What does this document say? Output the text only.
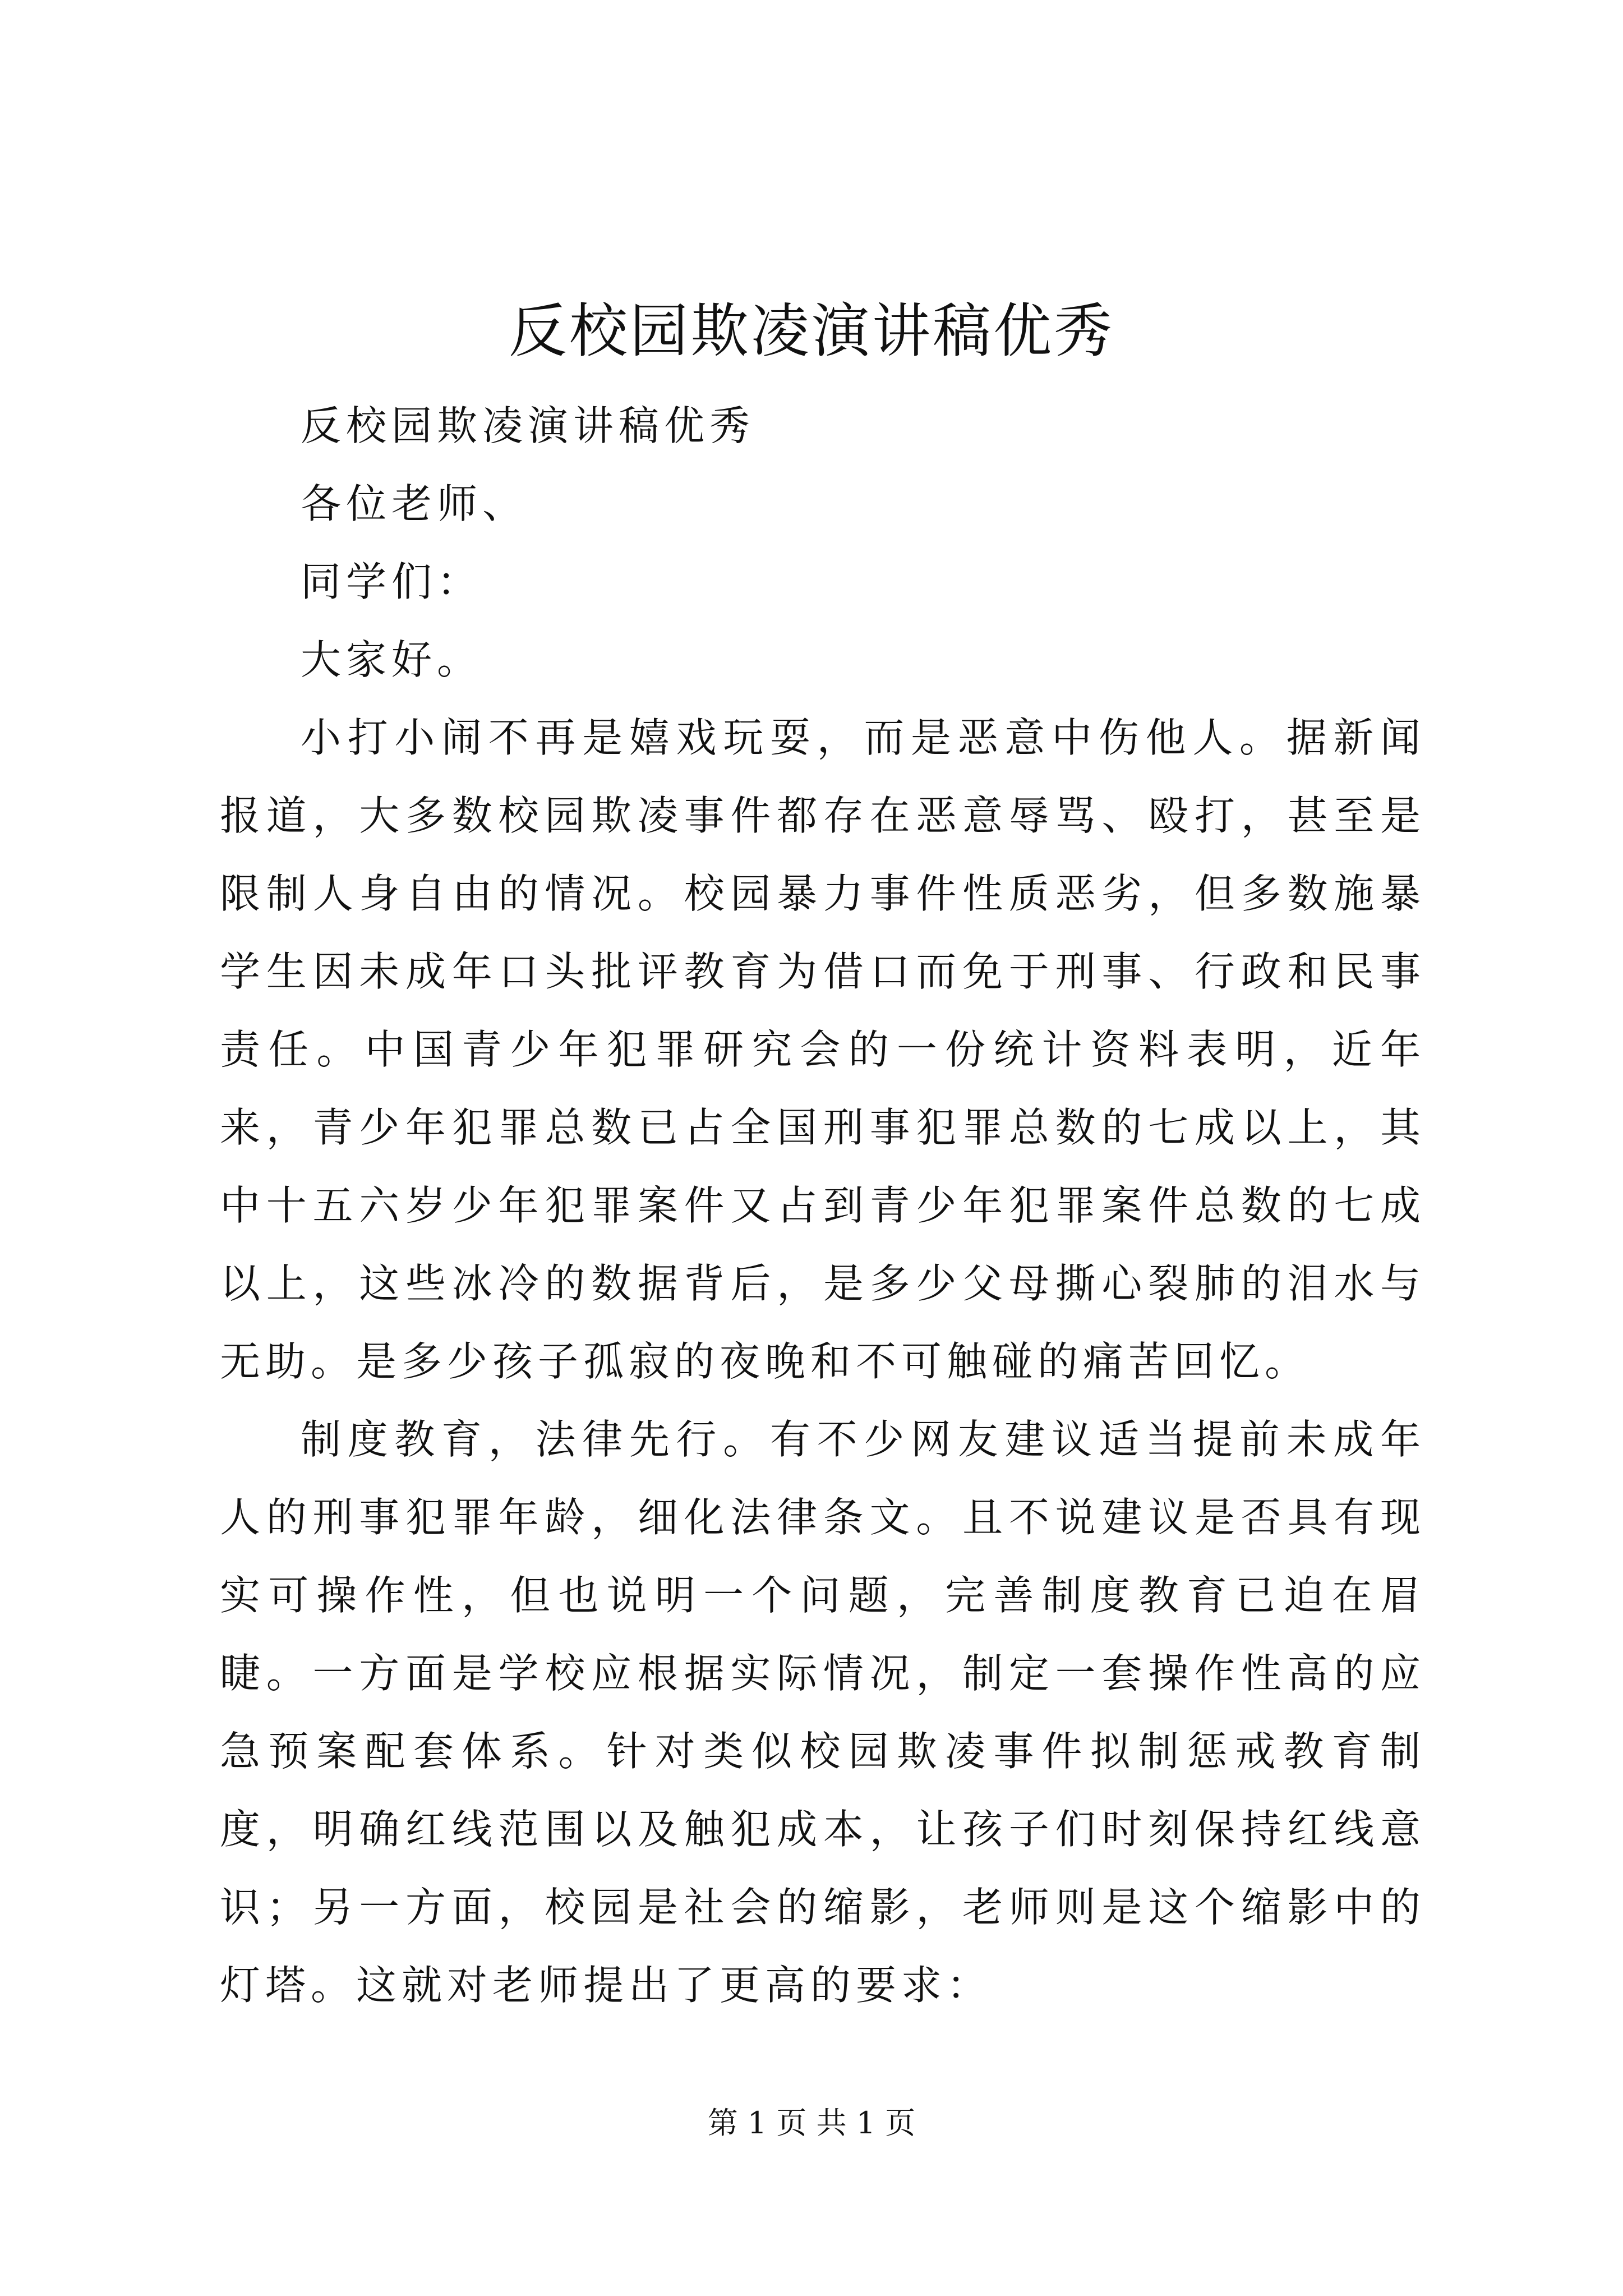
反校园欺凌演讲稿优秀

反校园欺凌演讲稿优秀

各位老师、

同学们：

大家好。

小打小闹不再是嬉戏玩耍，而是恶意中伤他人。据新闻报道，大多数校园欺凌事件都存在恶意辱骂、殴打，甚至是限制人身自由的情况。校园暴力事件性质恶劣，但多数施暴学生因未成年口头批评教育为借口而免于刑事、行政和民事责任。中国青少年犯罪研究会的一份统计资料表明，近年来，青少年犯罪总数已占全国刑事犯罪总数的七成以上，其中十五六岁少年犯罪案件又占到青少年犯罪案件总数的七成以上，这些冰冷的数据背后，是多少父母撕心裂肺的泪水与无助。是多少孩子孤寂的夜晚和不可触碰的痛苦回忆。

制度教育，法律先行。有不少网友建议适当提前未成年人的刑事犯罪年龄，细化法律条文。且不说建议是否具有现实可操作性，但也说明一个问题，完善制度教育已迫在眉睫。一方面是学校应根据实际情况，制定一套操作性高的应急预案配套体系。针对类似校园欺凌事件拟制惩戒教育制度，明确红线范围以及触犯成本，让孩子们时刻保持红线意识；另一方面，校园是社会的缩影，老师则是这个缩影中的灯塔。这就对老师提出了更高的要求：

第 1 页 共 1 页
